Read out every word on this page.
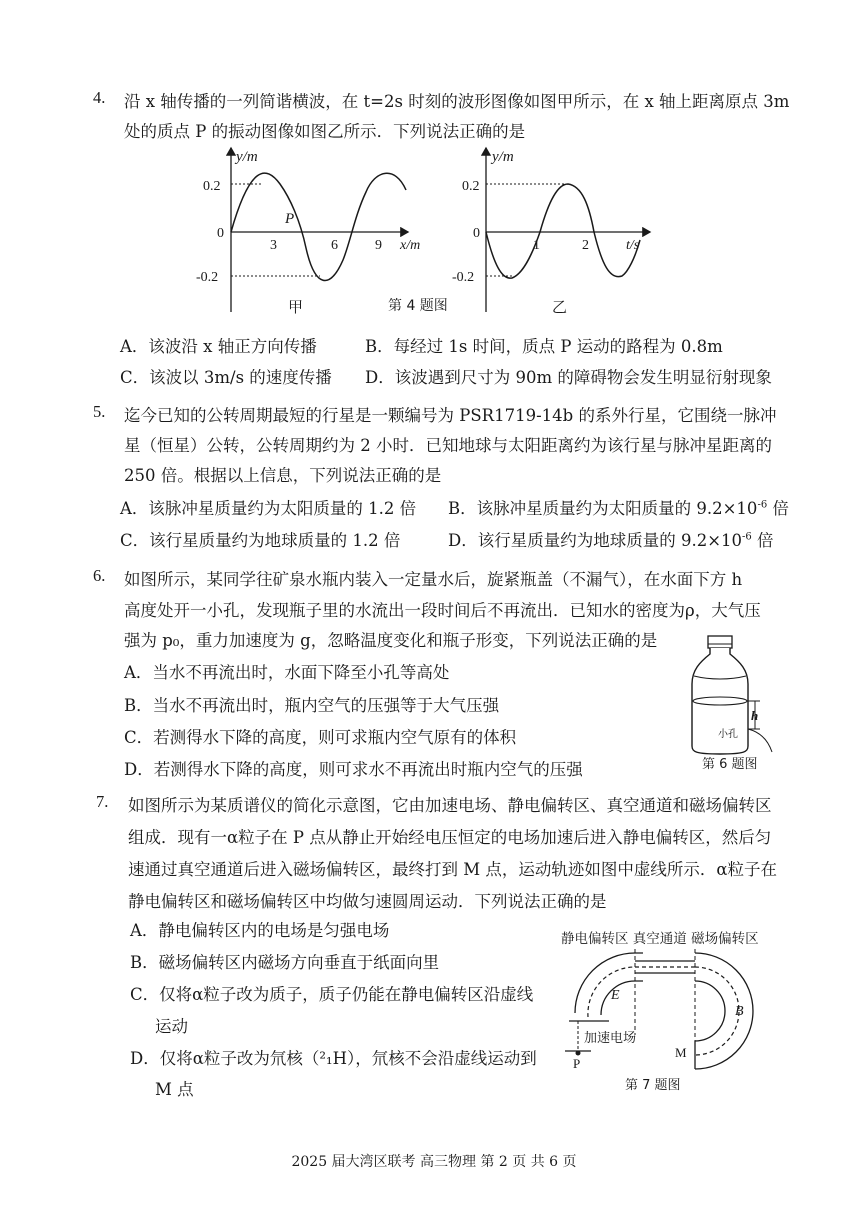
4. 沿 x 轴传播的一列简谐横波，在 t=2s 时刻的波形图像如图甲所示，在 x 轴上距离原点 3m
处的质点 P 的振动图像如图乙所示．下列说法正确的是
y/m
0.2
0
-0.2
P
3	6	9 x/m
甲	第 4 题图
y/m
0.2
0
-0.2
1	2	t/s
乙
A．该波沿 x 轴正方向传播	B．每经过 1s 时间，质点 P 运动的路程为 0.8m
C．该波以 3m/s 的速度传播 D．该波遇到尺寸为 90m 的障碍物会发生明显衍射现象
5. 迄今已知的公转周期最短的行星是一颗编号为 PSR1719-14b 的系外行星，它围绕一脉冲
星（恒星）公转，公转周期约为 2 小时．已知地球与太阳距离约为该行星与脉冲星距离的
250 倍。根据以上信息，下列说法正确的是
A．该脉冲星质量约为太阳质量的 1.2 倍 B．该脉冲星质量约为太阳质量的 $9.2\times 10^{-6}$ 倍
C．该行星质量约为地球质量的 1.2 倍	D．该行星质量约为地球质量的 $9.2\times 10^{-6}$ 倍
6. 如图所示，某同学往矿泉水瓶内装入一定量水后，旋紧瓶盖（不漏气），在水面下方 h
高度处开一小孔，发现瓶子里的水流出一段时间后不再流出．已知水的密度为ρ，大气压
强为 p₀，重力加速度为 g，忽略温度变化和瓶子形变，下列说法正确的是
A．当水不再流出时，水面下降至小孔等高处
B．当水不再流出时，瓶内空气的压强等于大气压强
C．若测得水下降的高度，则可求瓶内空气原有的体积
D．若测得水下降的高度，则可求水不再流出时瓶内空气的压强
h
小孔
第 6 题图
7. 如图所示为某质谱仪的简化示意图，它由加速电场、静电偏转区、真空通道和磁场偏转区
组成．现有一α粒子在 P 点从静止开始经电压恒定的电场加速后进入静电偏转区，然后匀
速通过真空通道后进入磁场偏转区，最终打到 M 点，运动轨迹如图中虚线所示．α粒子在
静电偏转区和磁场偏转区中均做匀速圆周运动．下列说法正确的是
A．静电偏转区内的电场是匀强电场
B．磁场偏转区内磁场方向垂直于纸面向里
C．仅将α粒子改为质子，质子仍能在静电偏转区沿虚线
运动
D．仅将α粒子改为氘核（²₁H），氘核不会沿虚线运动到
M 点
静电偏转区 真空通道 磁场偏转区
E
B
加速电场
M
P
第 7 题图
2025 届大湾区联考 高三物理 第 2 页 共 6 页
